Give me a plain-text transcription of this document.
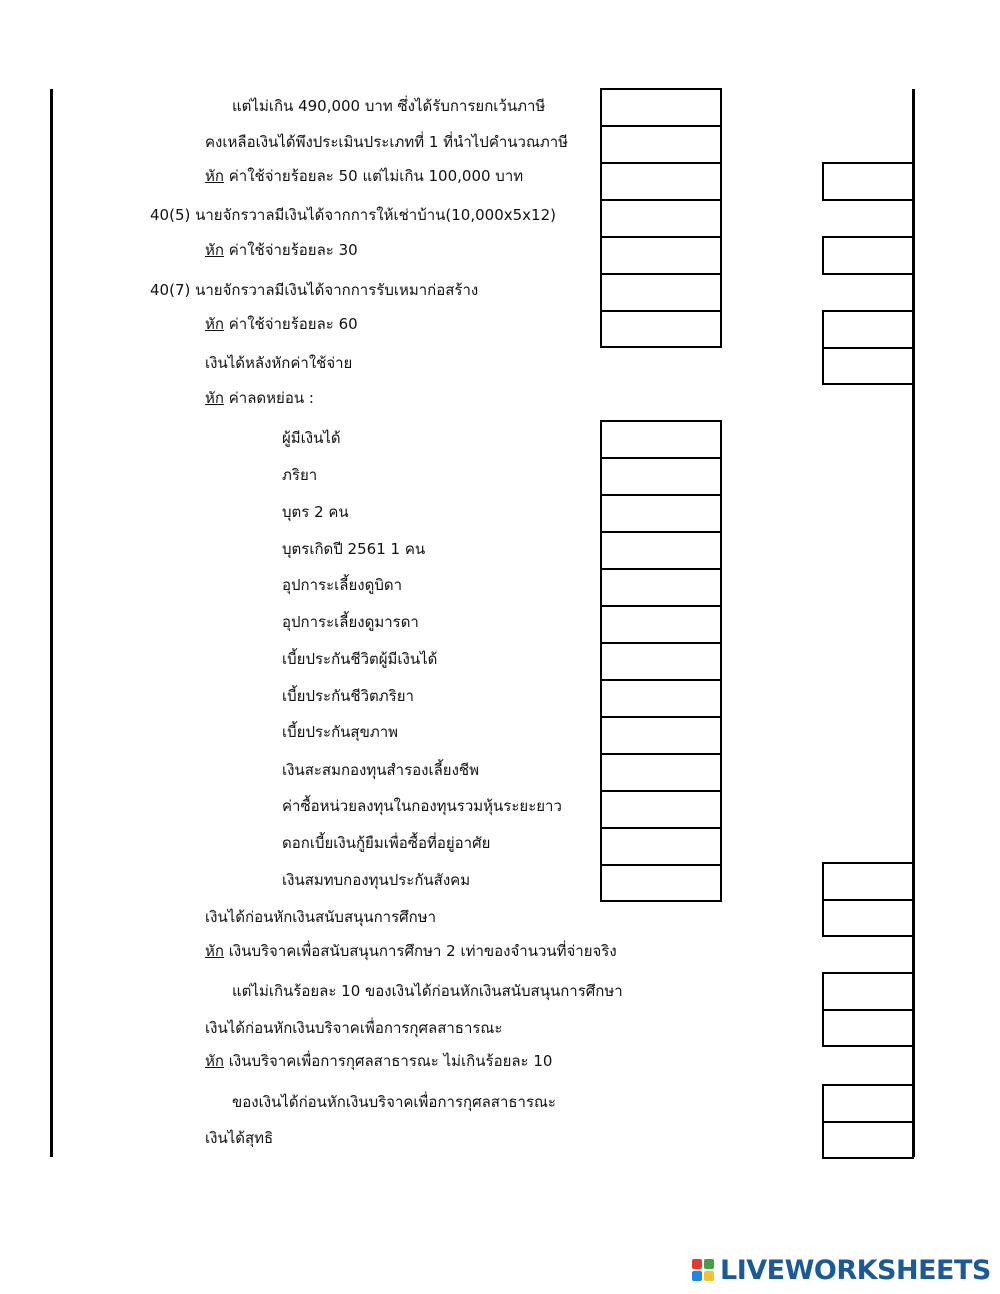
แต่ไม่เกิน 490,000 บาท ซึ่งได้รับการยกเว้นภาษี
คงเหลือเงินได้พึงประเมินประเภทที่ 1 ที่นำไปคำนวณภาษี
หัก ค่าใช้จ่ายร้อยละ 50 แต่ไม่เกิน 100,000 บาท
40(5) นายจักรวาลมีเงินได้จากการให้เช่าบ้าน(10,000x5x12)
หัก ค่าใช้จ่ายร้อยละ 30
40(7) นายจักรวาลมีเงินได้จากการรับเหมาก่อสร้าง
หัก ค่าใช้จ่ายร้อยละ 60
เงินได้หลังหักค่าใช้จ่าย
หัก ค่าลดหย่อน :
ผู้มีเงินได้
ภริยา
บุตร 2 คน
บุตรเกิดปี 2561 1 คน
อุปการะเลี้ยงดูบิดา
อุปการะเลี้ยงดูมารดา
เบี้ยประกันชีวิตผู้มีเงินได้
เบี้ยประกันชีวิตภริยา
เบี้ยประกันสุขภาพ
เงินสะสมกองทุนสำรองเลี้ยงชีพ
ค่าซื้อหน่วยลงทุนในกองทุนรวมหุ้นระยะยาว
ดอกเบี้ยเงินกู้ยืมเพื่อซื้อที่อยู่อาศัย
เงินสมทบกองทุนประกันสังคม
เงินได้ก่อนหักเงินสนับสนุนการศึกษา
หัก เงินบริจาคเพื่อสนับสนุนการศึกษา 2 เท่าของจำนวนที่จ่ายจริง
แต่ไม่เกินร้อยละ 10 ของเงินได้ก่อนหักเงินสนับสนุนการศึกษา
เงินได้ก่อนหักเงินบริจาคเพื่อการกุศลสาธารณะ
หัก เงินบริจาคเพื่อการกุศลสาธารณะ ไม่เกินร้อยละ 10
ของเงินได้ก่อนหักเงินบริจาคเพื่อการกุศลสาธารณะ
เงินได้สุทธิ
LIVEWORKSHEETS
